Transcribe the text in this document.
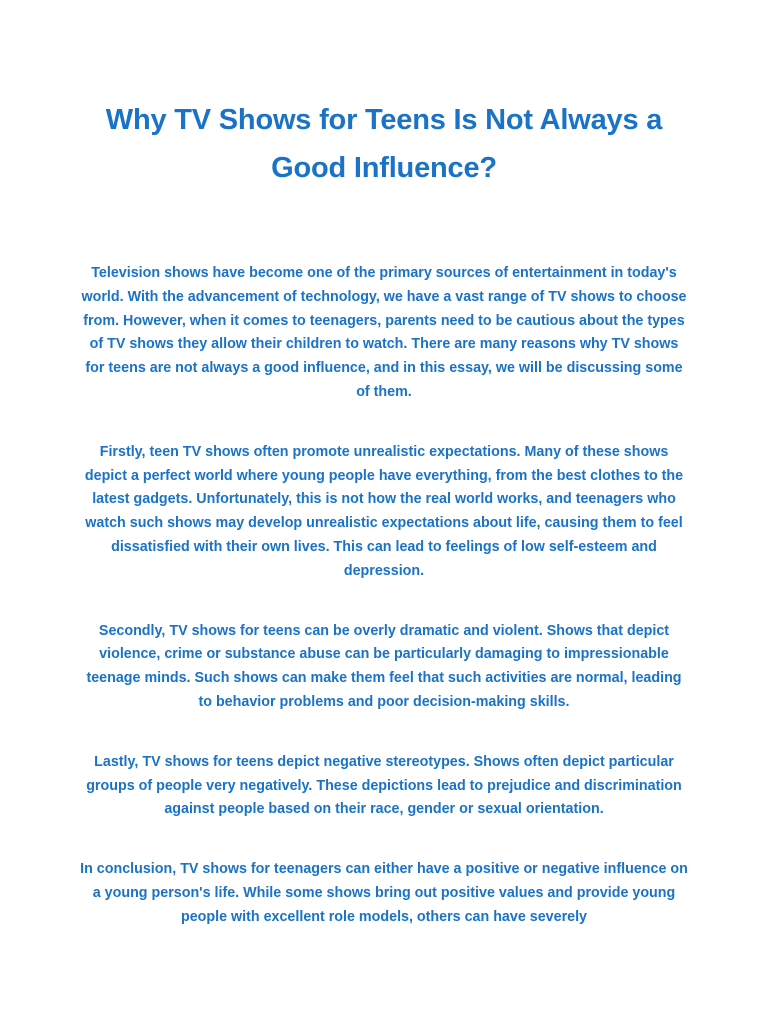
Why TV Shows for Teens Is Not Always a Good Influence?

Television shows have become one of the primary sources of entertainment in today's world. With the advancement of technology, we have a vast range of TV shows to choose from. However, when it comes to teenagers, parents need to be cautious about the types of TV shows they allow their children to watch. There are many reasons why TV shows for teens are not always a good influence, and in this essay, we will be discussing some of them.

Firstly, teen TV shows often promote unrealistic expectations. Many of these shows depict a perfect world where young people have everything, from the best clothes to the latest gadgets. Unfortunately, this is not how the real world works, and teenagers who watch such shows may develop unrealistic expectations about life, causing them to feel dissatisfied with their own lives. This can lead to feelings of low self-esteem and depression.

Secondly, TV shows for teens can be overly dramatic and violent. Shows that depict violence, crime or substance abuse can be particularly damaging to impressionable teenage minds. Such shows can make them feel that such activities are normal, leading to behavior problems and poor decision-making skills.

Lastly, TV shows for teens depict negative stereotypes. Shows often depict particular groups of people very negatively. These depictions lead to prejudice and discrimination against people based on their race, gender or sexual orientation.

In conclusion, TV shows for teenagers can either have a positive or negative influence on a young person's life. While some shows bring out positive values and provide young people with excellent role models, others can have severely
